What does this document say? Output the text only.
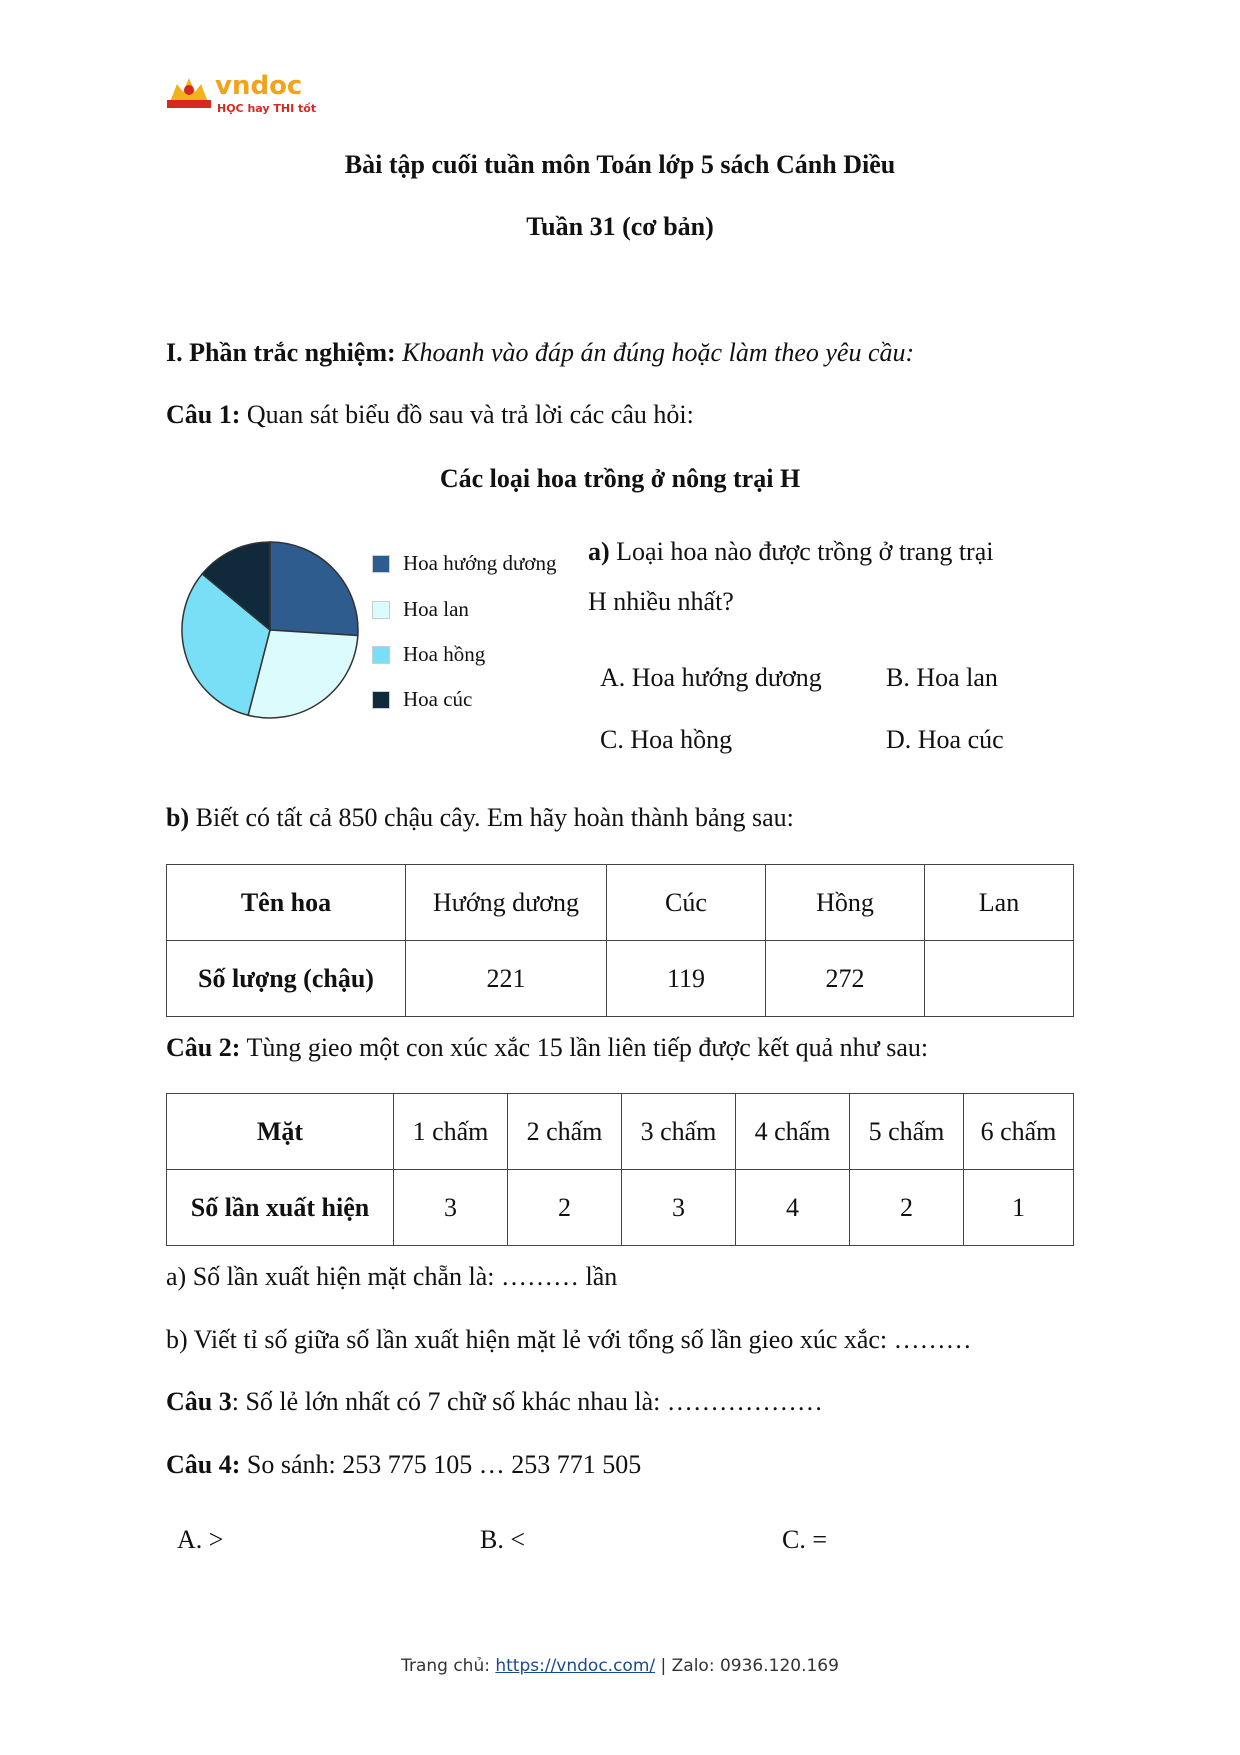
vndoc
HỌC hay THI tốt
Bài tập cuối tuần môn Toán lớp 5 sách Cánh Diều
Tuần 31 (cơ bản)
I. Phần trắc nghiệm: Khoanh vào đáp án đúng hoặc làm theo yêu cầu:
Câu 1: Quan sát biểu đồ sau và trả lời các câu hỏi:
Các loại hoa trồng ở nông trại H
Hoa hướng dương
Hoa lan
Hoa hồng
Hoa cúc
a) Loại hoa nào được trồng ở trang trại
H nhiều nhất?
A. Hoa hướng dương B. Hoa lan
C. Hoa hồng	D. Hoa cúc
b) Biết có tất cả 850 chậu cây. Em hãy hoàn thành bảng sau:
Tên hoa	Hướng dương	Cúc	Hồng	Lan
Số lượng (chậu)	221	119	272	
Câu 2: Tùng gieo một con xúc xắc 15 lần liên tiếp được kết quả như sau:
Mặt	1 chấm	2 chấm	3 chấm	4 chấm	5 chấm	6 chấm
Số lần xuất hiện	3	2	3	4	2	1
a) Số lần xuất hiện mặt chẵn là: ……… lần
b) Viết tỉ số giữa số lần xuất hiện mặt lẻ với tổng số lần gieo xúc xắc: ………
Câu 3: Số lẻ lớn nhất có 7 chữ số khác nhau là: ………………
Câu 4: So sánh: 253 775 105 … 253 771 505
A. >	B. <	C. =
Trang chủ: https://vndoc.com/ | Zalo: 0936.120.169
